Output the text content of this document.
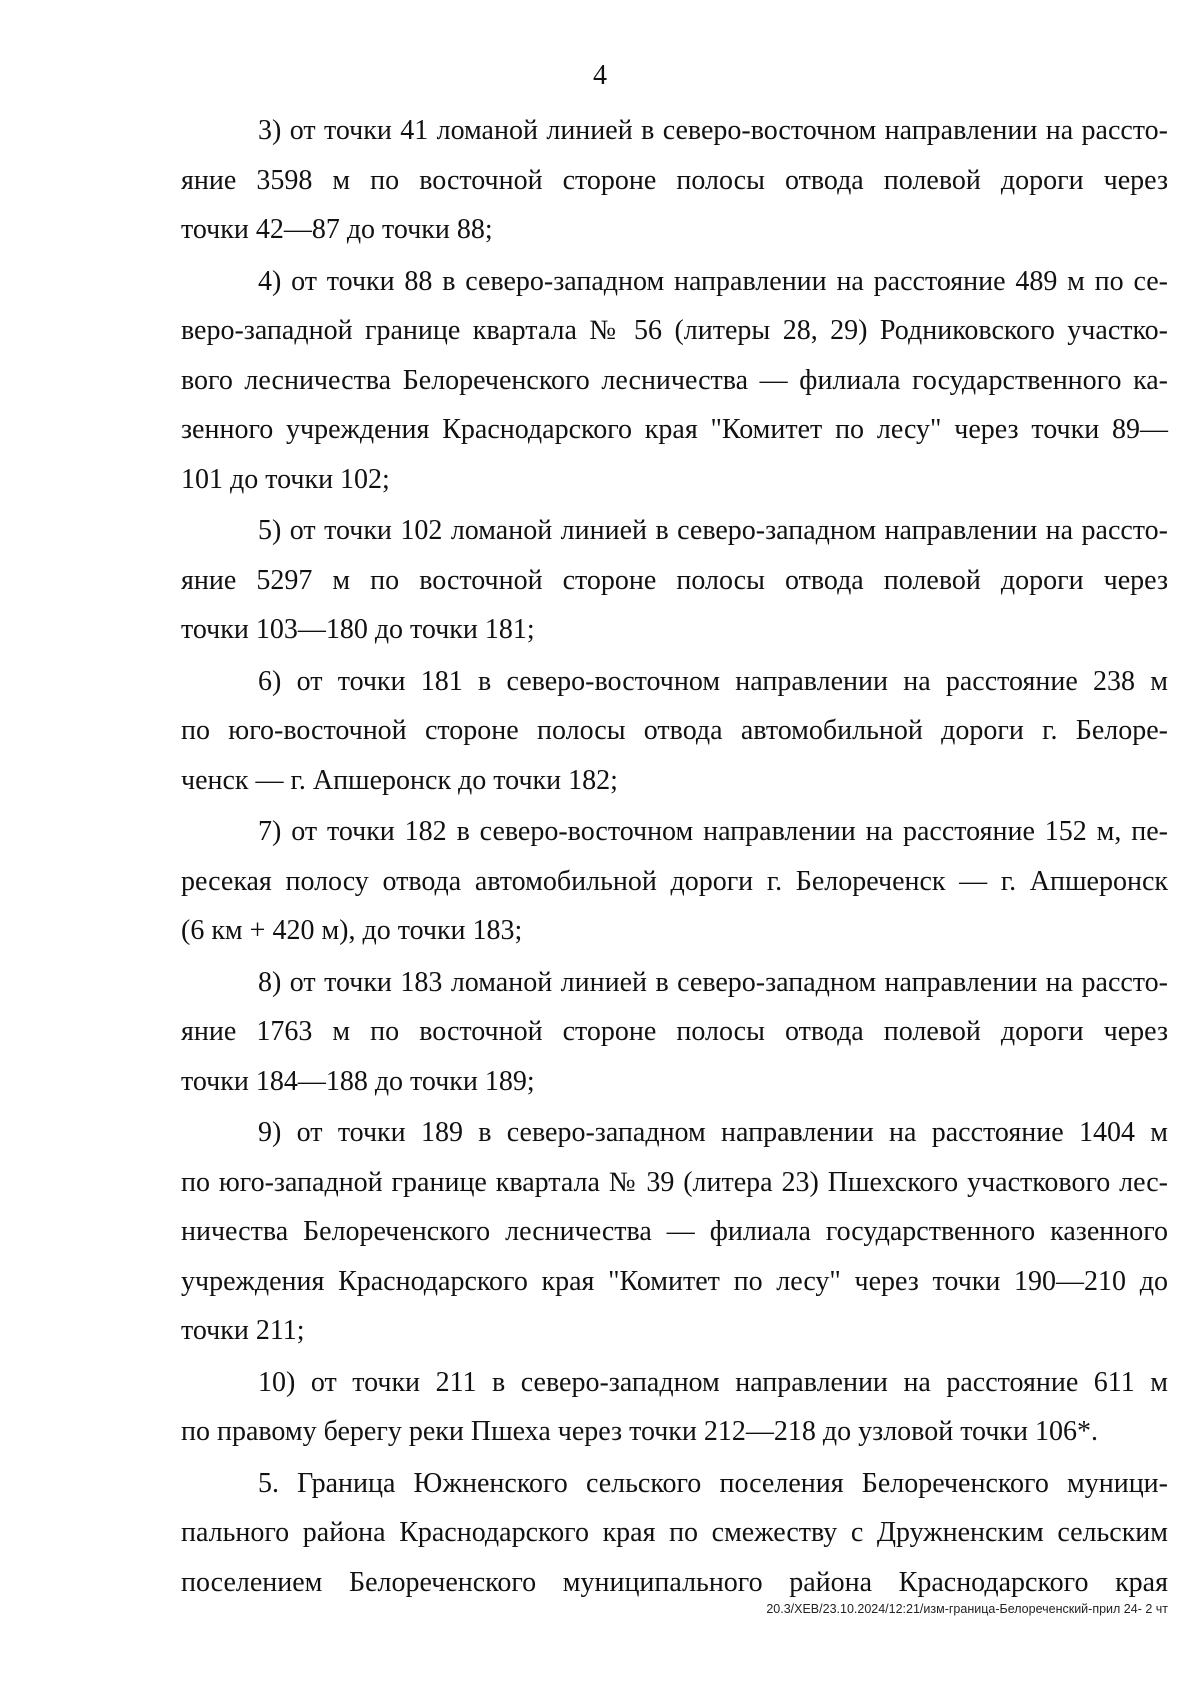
4
3) от точки 41 ломаной линией в северо-восточном направлении на рассто-
яние 3598 м по восточной стороне полосы отвода полевой дороги через
точки 42—87 до точки 88;
4) от точки 88 в северо-западном направлении на расстояние 489 м по се-
веро-западной границе квартала № 56 (литеры 28, 29) Родниковского участко-
вого лесничества Белореченского лесничества — филиала государственного ка-
зенного учреждения Краснодарского края "Комитет по лесу" через точки 89—
101 до точки 102;
5) от точки 102 ломаной линией в северо-западном направлении на рассто-
яние 5297 м по восточной стороне полосы отвода полевой дороги через
точки 103—180 до точки 181;
6) от точки 181 в северо-восточном направлении на расстояние 238 м
по юго-восточной стороне полосы отвода автомобильной дороги г. Белоре-
ченск — г. Апшеронск до точки 182;
7) от точки 182 в северо-восточном направлении на расстояние 152 м, пе-
ресекая полосу отвода автомобильной дороги г. Белореченск — г. Апшеронск
(6 км + 420 м), до точки 183;
8) от точки 183 ломаной линией в северо-западном направлении на рассто-
яние 1763 м по восточной стороне полосы отвода полевой дороги через
точки 184—188 до точки 189;
9) от точки 189 в северо-западном направлении на расстояние 1404 м
по юго-западной границе квартала № 39 (литера 23) Пшехского участкового лес-
ничества Белореченского лесничества — филиала государственного казенного
учреждения Краснодарского края "Комитет по лесу" через точки 190—210 до
точки 211;
10) от точки 211 в северо-западном направлении на расстояние 611 м
по правому берегу реки Пшеха через точки 212—218 до узловой точки 106*.
5. Граница Южненского сельского поселения Белореченского муници-
пального района Краснодарского края по смежеству с Дружненским сельским
поселением Белореченского муниципального района Краснодарского края
20.3/ХЕВ/23.10.2024/12:21/изм-граница-Белореченский-прил 24- 2 чт
